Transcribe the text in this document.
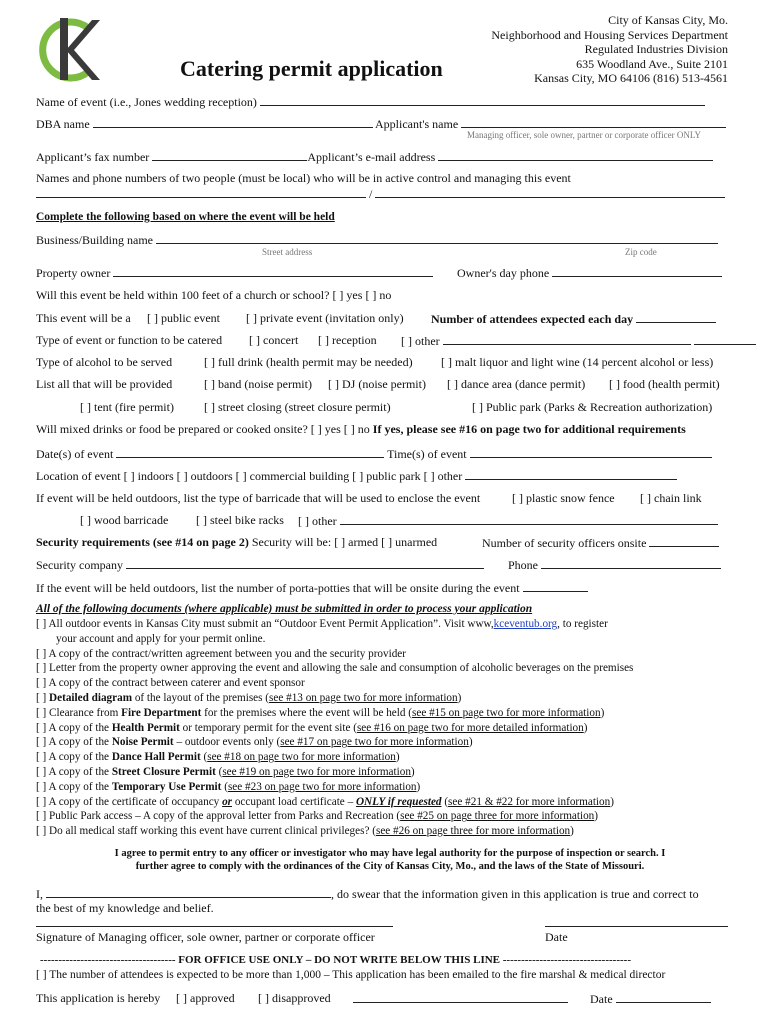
Catering permit application
City of Kansas City, Mo.
Neighborhood and Housing Services Department
Regulated Industries Division
635 Woodland Ave., Suite 2101
Kansas City, MO 64106 (816) 513-4561
Name of event (i.e., Jones wedding reception)
DBA name	Applicant's name
Managing officer, sole owner, partner or corporate officer ONLY
Applicant’s fax number	Applicant’s e-mail address
Names and phone numbers of two people (must be local) who will be in active control and managing this event
/
Complete the following based on where the event will be held
Business/Building name
Street address	Zip code
Property owner	Owner's day phone
Will this event be held within 100 feet of a church or school? [ ] yes [ ] no
This event will be a [ ] public event [ ] private event (invitation only) Number of attendees expected each day
Type of event or function to be catered [ ] concert [ ] reception [ ] other
Type of alcohol to be served	[ ] full drink (health permit may be needed) [ ] malt liquor and light wine (14 percent alcohol or less)
List all that will be provided	[ ] band (noise permit) [ ] DJ (noise permit) [ ] dance area (dance permit) [ ] food (health permit)
[ ] tent (fire permit)	[ ] street closing (street closure permit)	[ ] Public park (Parks & Recreation authorization)
Will mixed drinks or food be prepared or cooked onsite? [ ] yes [ ] no If yes, please see #16 on page two for additional requirements
Date(s) of event	Time(s) of event
Location of event [ ] indoors [ ] outdoors [ ] commercial building [ ] public park [ ] other
If event will be held outdoors, list the type of barricade that will be used to enclose the event	[ ] plastic snow fence [ ] chain link
[ ] wood barricade [ ] steel bike racks [ ] other
Security requirements (see #14 on page 2) Security will be: [ ] armed [ ] unarmed	Number of security officers onsite
Security company	Phone
If the event will be held outdoors, list the number of porta-potties that will be onsite during the event
All of the following documents (where applicable) must be submitted in order to process your application
[ ] All outdoor events in Kansas City must submit an “Outdoor Event Permit Application”. Visit www,kceventub.org, to register
your account and apply for your permit online.
[ ] A copy of the contract/written agreement between you and the security provider
[ ] Letter from the property owner approving the event and allowing the sale and consumption of alcoholic beverages on the premises
[ ] A copy of the contract between caterer and event sponsor
[ ] Detailed diagram of the layout of the premises (see #13 on page two for more information)
[ ] Clearance from Fire Department for the premises where the event will be held (see #15 on page two for more information)
[ ] A copy of the Health Permit or temporary permit for the event site (see #16 on page two for more detailed information)
[ ] A copy of the Noise Permit – outdoor events only (see #17 on page two for more information)
[ ] A copy of the Dance Hall Permit (see #18 on page two for more information)
[ ] A copy of the Street Closure Permit (see #19 on page two for more information)
[ ] A copy of the Temporary Use Permit (see #23 on page two for more information)
[ ] A copy of the certificate of occupancy or occupant load certificate – ONLY if requested (see #21 & #22 for more information)
[ ] Public Park access – A copy of the approval letter from Parks and Recreation (see #25 on page three for more information)
[ ] Do all medical staff working this event have current clinical privileges? (see #26 on page three for more information)
I agree to permit entry to any officer or investigator who may have legal authority for the purpose of inspection or search. I
further agree to comply with the ordinances of the City of Kansas City, Mo., and the laws of the State of Missouri.
I,	, do swear that the information given in this application is true and correct to
the best of my knowledge and belief.
Signature of Managing officer, sole owner, partner or corporate officer	Date
------------------------------------- FOR OFFICE USE ONLY – DO NOT WRITE BELOW THIS LINE -----------------------------------
[ ] The number of attendees is expected to be more than 1,000 – This application has been emailed to the fire marshal & medical director
This application is hereby [ ] approved [ ] disapproved	Date
